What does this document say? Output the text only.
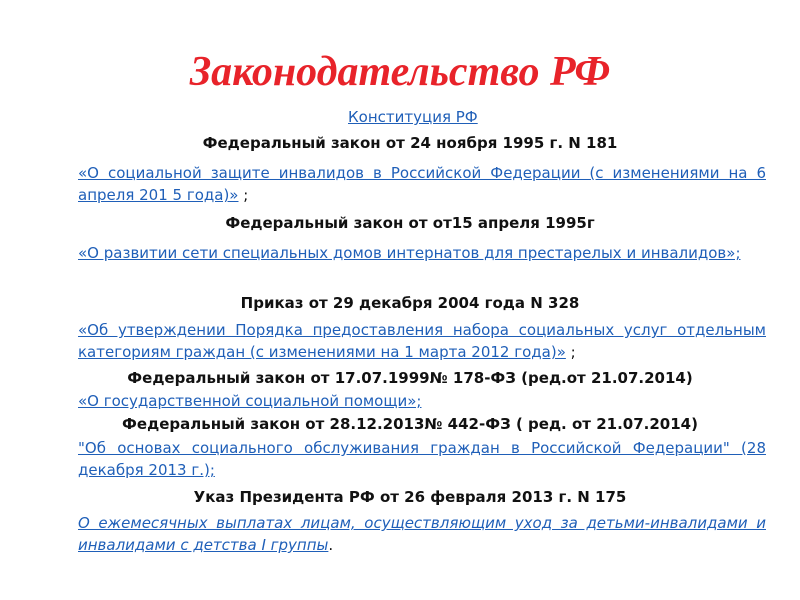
Законодательство РФ
Конституция РФ
Федеральный закон от 24 ноября 1995 г. N 181
«О социальной защите инвалидов в Российской Федерации (с изменениями на 6 апреля 201 5 года)» ;
Федеральный закон от от15 апреля 1995г
«О развитии сети специальных домов интернатов для престарелых и инвалидов»;
Приказ от 29 декабря 2004 года N 328
«Об утверждении Порядка предоставления набора социальных услуг отдельным категориям граждан (с изменениями на 1 марта 2012 года)» ;
Федеральный закон от 17.07.1999№ 178-ФЗ (ред.от 21.07.2014)
«О государственной социальной помощи»;
Федеральный закон от 28.12.2013№ 442-ФЗ ( ред. от 21.07.2014)
"Об основах социального обслуживания граждан в Российской Федерации" (28 декабря 2013 г.);
Указ Президента РФ от 26 февраля 2013 г. N 175
О ежемесячных выплатах лицам, осуществляющим уход за детьми-инвалидами и инвалидами с детства I группы.
